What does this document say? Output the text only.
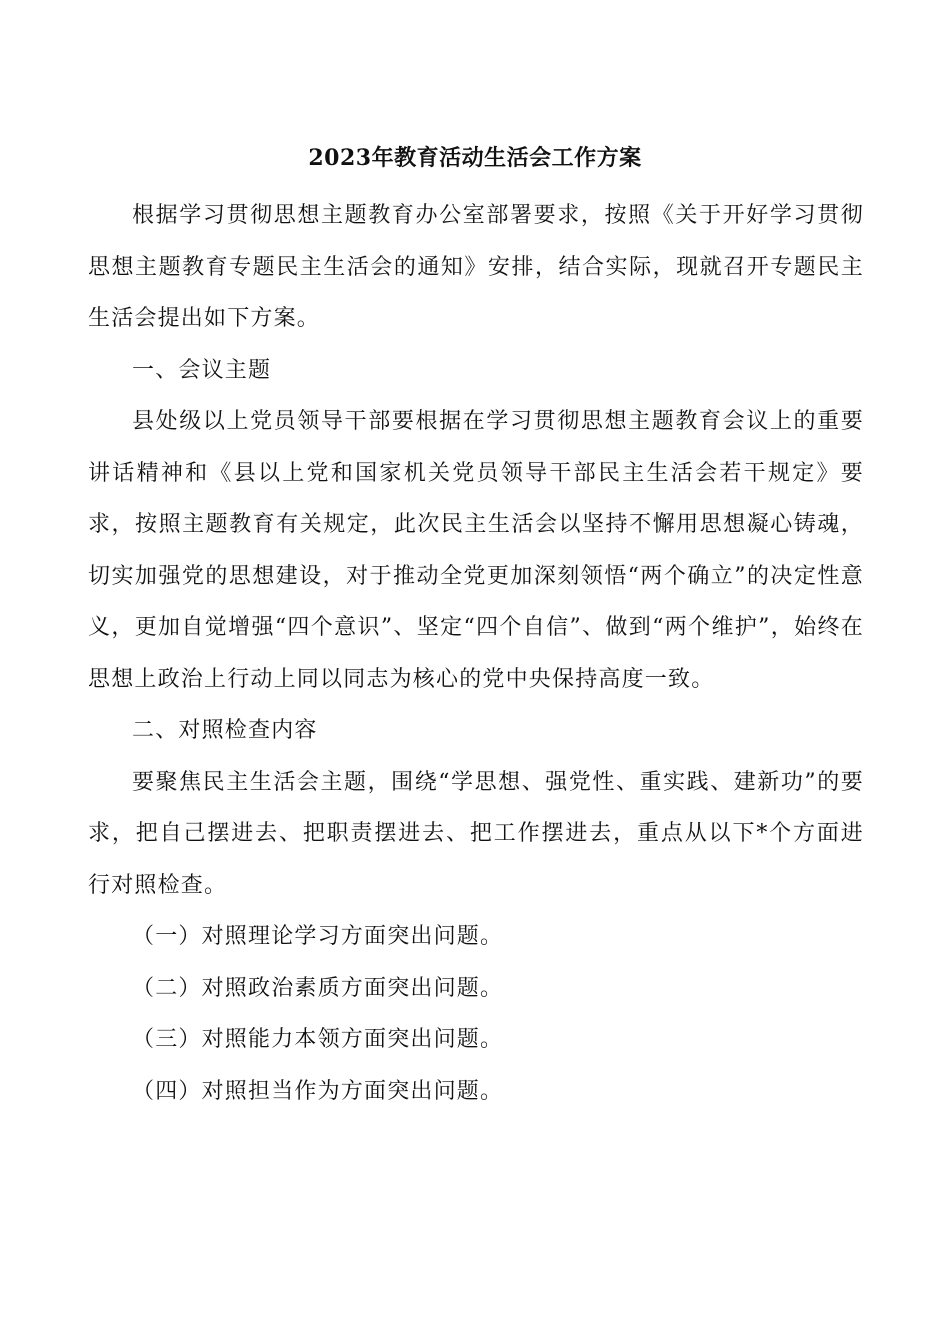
2023年教育活动生活会工作方案

根据学习贯彻思想主题教育办公室部署要求，按照《关于开好学习贯彻思想主题教育专题民主生活会的通知》安排，结合实际，现就召开专题民主生活会提出如下方案。

一、会议主题

县处级以上党员领导干部要根据在学习贯彻思想主题教育会议上的重要讲话精神和《县以上党和国家机关党员领导干部民主生活会若干规定》要求，按照主题教育有关规定，此次民主生活会以坚持不懈用思想凝心铸魂，切实加强党的思想建设，对于推动全党更加深刻领悟“两个确立”的决定性意义，更加自觉增强“四个意识”、坚定“四个自信”、做到“两个维护”，始终在思想上政治上行动上同以同志为核心的党中央保持高度一致。

二、对照检查内容

要聚焦民主生活会主题，围绕“学思想、强党性、重实践、建新功”的要求，把自己摆进去、把职责摆进去、把工作摆进去，重点从以下*个方面进行对照检查。

（一）对照理论学习方面突出问题。

（二）对照政治素质方面突出问题。

（三）对照能力本领方面突出问题。

（四）对照担当作为方面突出问题。
